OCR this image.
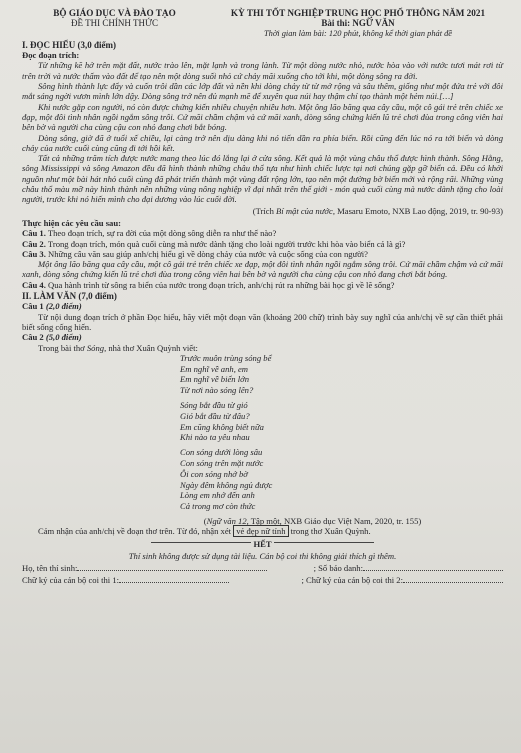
BỘ GIÁO DỤC VÀ ĐÀO TẠO
ĐỀ THI CHÍNH THỨC
KỲ THI TỐT NGHIỆP TRUNG HỌC PHỔ THÔNG NĂM 2021
Bài thi: NGỮ VĂN
Thời gian làm bài: 120 phút, không kể thời gian phát đề
I. ĐỌC HIỂU (3,0 điểm)
Đọc đoạn trích:

Từ những kẽ hở trên mặt đất, nước trào lên, mặt lạnh và trong lành. Từ một dòng nước nhỏ, nước hòa vào với nước tươi mát rơi từ trên trời và nước thấm vào đất để tạo nên một dòng suối nhỏ cứ chảy mãi xuống cho tới khi, một dòng sông ra đời.

Sông hình thành lực đẩy và cuốn trôi dần các lớp đất và nền khi dòng chảy từ từ mở rộng và sâu thêm, giống như một đứa trẻ với đôi mắt sáng ngời vươn mình lớn dậy. Dòng sông trở nên đủ mạnh mẽ để xuyên qua núi hay thậm chí tạo thành một hẻm núi.[…]

Khi nước gặp con người, nó còn được chứng kiến nhiều chuyện nhiều hơn. Một ông lão băng qua cây cầu, một cô gái trẻ trên chiếc xe đạp, một đôi tình nhân ngồi ngắm sông trôi. Cứ mãi chầm chậm và cứ mãi xanh, dòng sông chứng kiến lũ trẻ chơi đùa trong công viên hai bên bờ và người cha cùng cậu con nhỏ đang chơi bắt bóng.

Dòng sông, giờ đã ở tuổi xế chiều, lại càng trở nên dịu dàng khi nó tiến dần ra phía biển. Rồi cũng đến lúc nó ra tới biển và dòng chảy của nước cuối cùng cũng đi tới hồi kết.

Tất cả những trăm tích được nước mang theo lúc đó lắng lại ở cửa sông. Kết quả là một vùng châu thổ được hình thành. Sông Hằng, sông Mississippi và sông Amazon đều đã hình thành những châu thổ tựa như hình chiếc lược tại nơi chúng gặp gỡ biển cả. Đều có khởi nguồn như một bài hát nhỏ cuối cùng đã phát triển thành một vùng đất rộng lớn, tạo nên một đường bờ biển mới và rộng rãi. Những vùng châu thổ màu mỡ này hình thành nên những vùng nông nghiệp vĩ đại nhất trên thế giới - món quà cuối cùng mà nước dành tặng cho loài người, trước khi nó hiến mình cho đại dương vào lúc cuối đời.

(Trích Bí mật của nước, Masaru Emoto, NXB Lao động, 2019, tr. 90-93)
Thực hiện các yêu cầu sau:

Câu 1. Theo đoạn trích, sự ra đời của một dòng sông diễn ra như thế nào?

Câu 2. Trong đoạn trích, món quà cuối cùng mà nước dành tặng cho loài người trước khi hòa vào biển cả là gì?

Câu 3. Những câu văn sau giúp anh/chị hiểu gì về dòng chảy của nước và cuộc sống của con người?

Một ông lão băng qua cây cầu, một cô gái trẻ trên chiếc xe đạp, một đôi tình nhân ngồi ngắm sông trôi. Cứ mãi chầm chậm và cứ mãi xanh, dòng sông chứng kiến lũ trẻ chơi đùa trong công viên hai bên bờ và người cha cùng cậu con nhỏ đang chơi bắt bóng.

Câu 4. Qua hành trình từ sông ra biển của nước trong đoạn trích, anh/chị rút ra những bài học gì về lẽ sống?

II. LÀM VĂN (7,0 điểm)
Câu 1 (2,0 điểm)

Từ nội dung đoạn trích ở phần Đọc hiểu, hãy viết một đoạn văn (khoảng 200 chữ) trình bày suy nghĩ của anh/chị về sự cần thiết phải biết sống cống hiến.

Câu 2 (5,0 điểm)
Trong bài thơ Sóng, nhà thơ Xuân Quỳnh viết:
Trước muôn trùng sóng bể
Em nghĩ về anh, em
Em nghĩ về biển lớn
Từ nơi nào sóng lên?
Sóng bắt đầu từ gió
Gió bắt đầu từ đâu?
Em cũng không biết nữa
Khi nào ta yêu nhau
Con sóng dưới lòng sâu
Con sóng trên mặt nước
Ôi con sóng nhớ bờ
Ngày đêm không ngủ được
Lòng em nhớ đến anh
Cả trong mơ còn thức
(Ngữ văn 12, Tập một, NXB Giáo dục Việt Nam, 2020, tr. 155)

Cảm nhận của anh/chị về đoạn thơ trên. Từ đó, nhận xét vẻ đẹp nữ tính trong thơ Xuân Quỳnh.

HẾT
Thí sinh không được sử dụng tài liệu. Cán bộ coi thi không giải thích gì thêm.
Họ, tên thí sinh:	; Số báo danh:
Chữ ký của cán bộ coi thi 1:	; Chữ ký của cán bộ coi thi 2:
